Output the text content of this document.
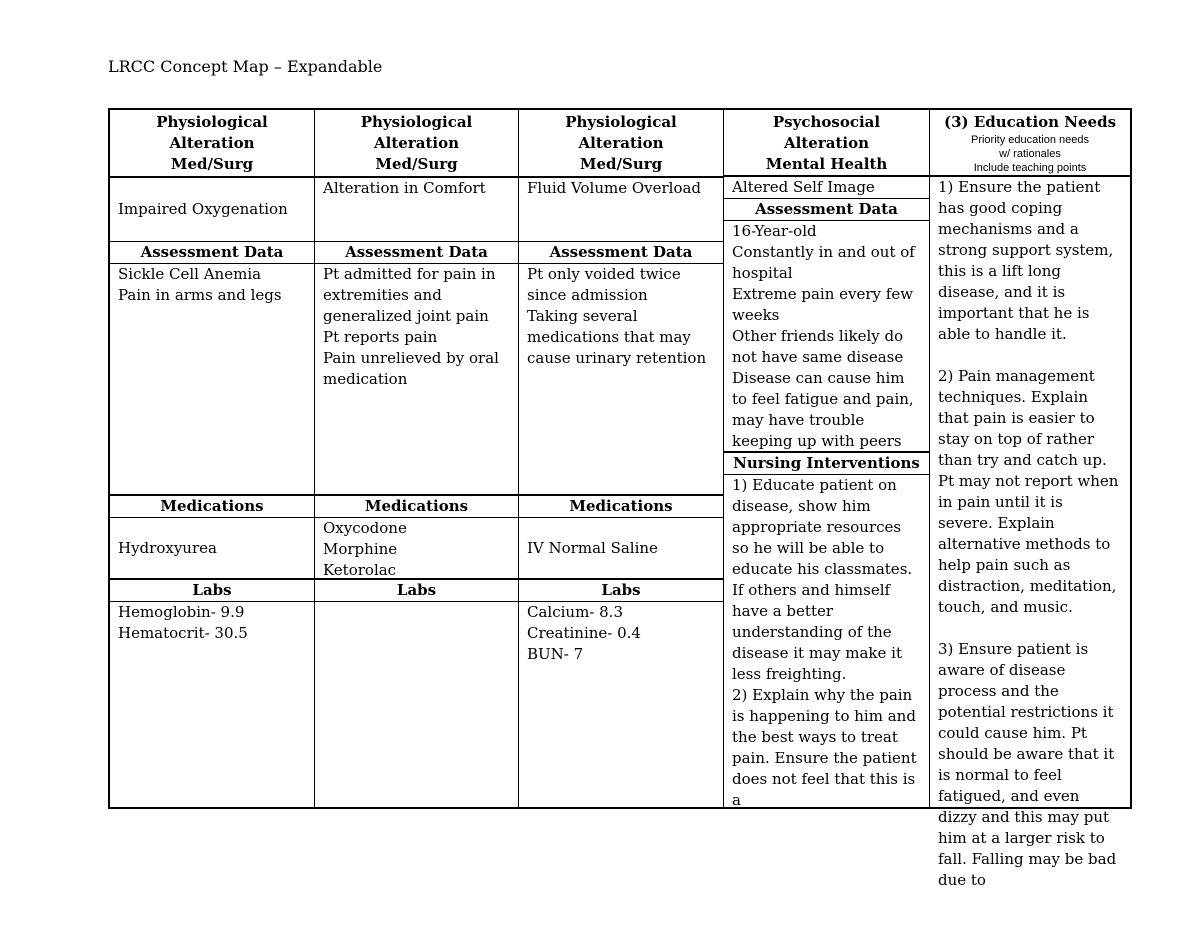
LRCC Concept Map – Expandable
Physiological Alteration
Med/Surg
Impaired Oxygenation
Assessment Data
Sickle Cell Anemia
Pain in arms and legs
Medications
Hydroxyurea
Labs
Hemoglobin- 9.9
Hematocrit- 30.5
Physiological Alteration
Med/Surg
Alteration in Comfort
Assessment Data
Pt admitted for pain in extremities and generalized joint pain
Pt reports pain
Pain unrelieved by oral medication
Medications
Oxycodone
Morphine
Ketorolac
Labs
Physiological Alteration
Med/Surg
Fluid Volume Overload
Assessment Data
Pt only voided twice since admission
Taking several medications that may cause urinary retention
Medications
IV Normal Saline
Labs
Calcium- 8.3
Creatinine- 0.4
BUN- 7
Psychosocial Alteration
Mental Health
Altered Self Image
Assessment Data
16-Year-old
Constantly in and out of hospital
Extreme pain every few weeks
Other friends likely do not have same disease
Disease can cause him to feel fatigue and pain, may have trouble keeping up with peers
Nursing Interventions
1) Educate patient on disease, show him appropriate resources so he will be able to educate his classmates. If others and himself have a better understanding of the disease it may make it less freighting.
2) Explain why the pain is happening to him and the best ways to treat pain. Ensure the patient does not feel that this is a
(3) Education Needs
Priority education needs
w/ rationales
Include teaching points
1) Ensure the patient has good coping mechanisms and a strong support system, this is a lift long disease, and it is important that he is able to handle it.

2) Pain management techniques. Explain that pain is easier to stay on top of rather than try and catch up. Pt may not report when in pain until it is severe. Explain alternative methods to help pain such as distraction, meditation, touch, and music.

3) Ensure patient is aware of disease process and the potential restrictions it could cause him. Pt should be aware that it is normal to feel fatigued, and even dizzy and this may put him at a larger risk to fall. Falling may be bad due to
